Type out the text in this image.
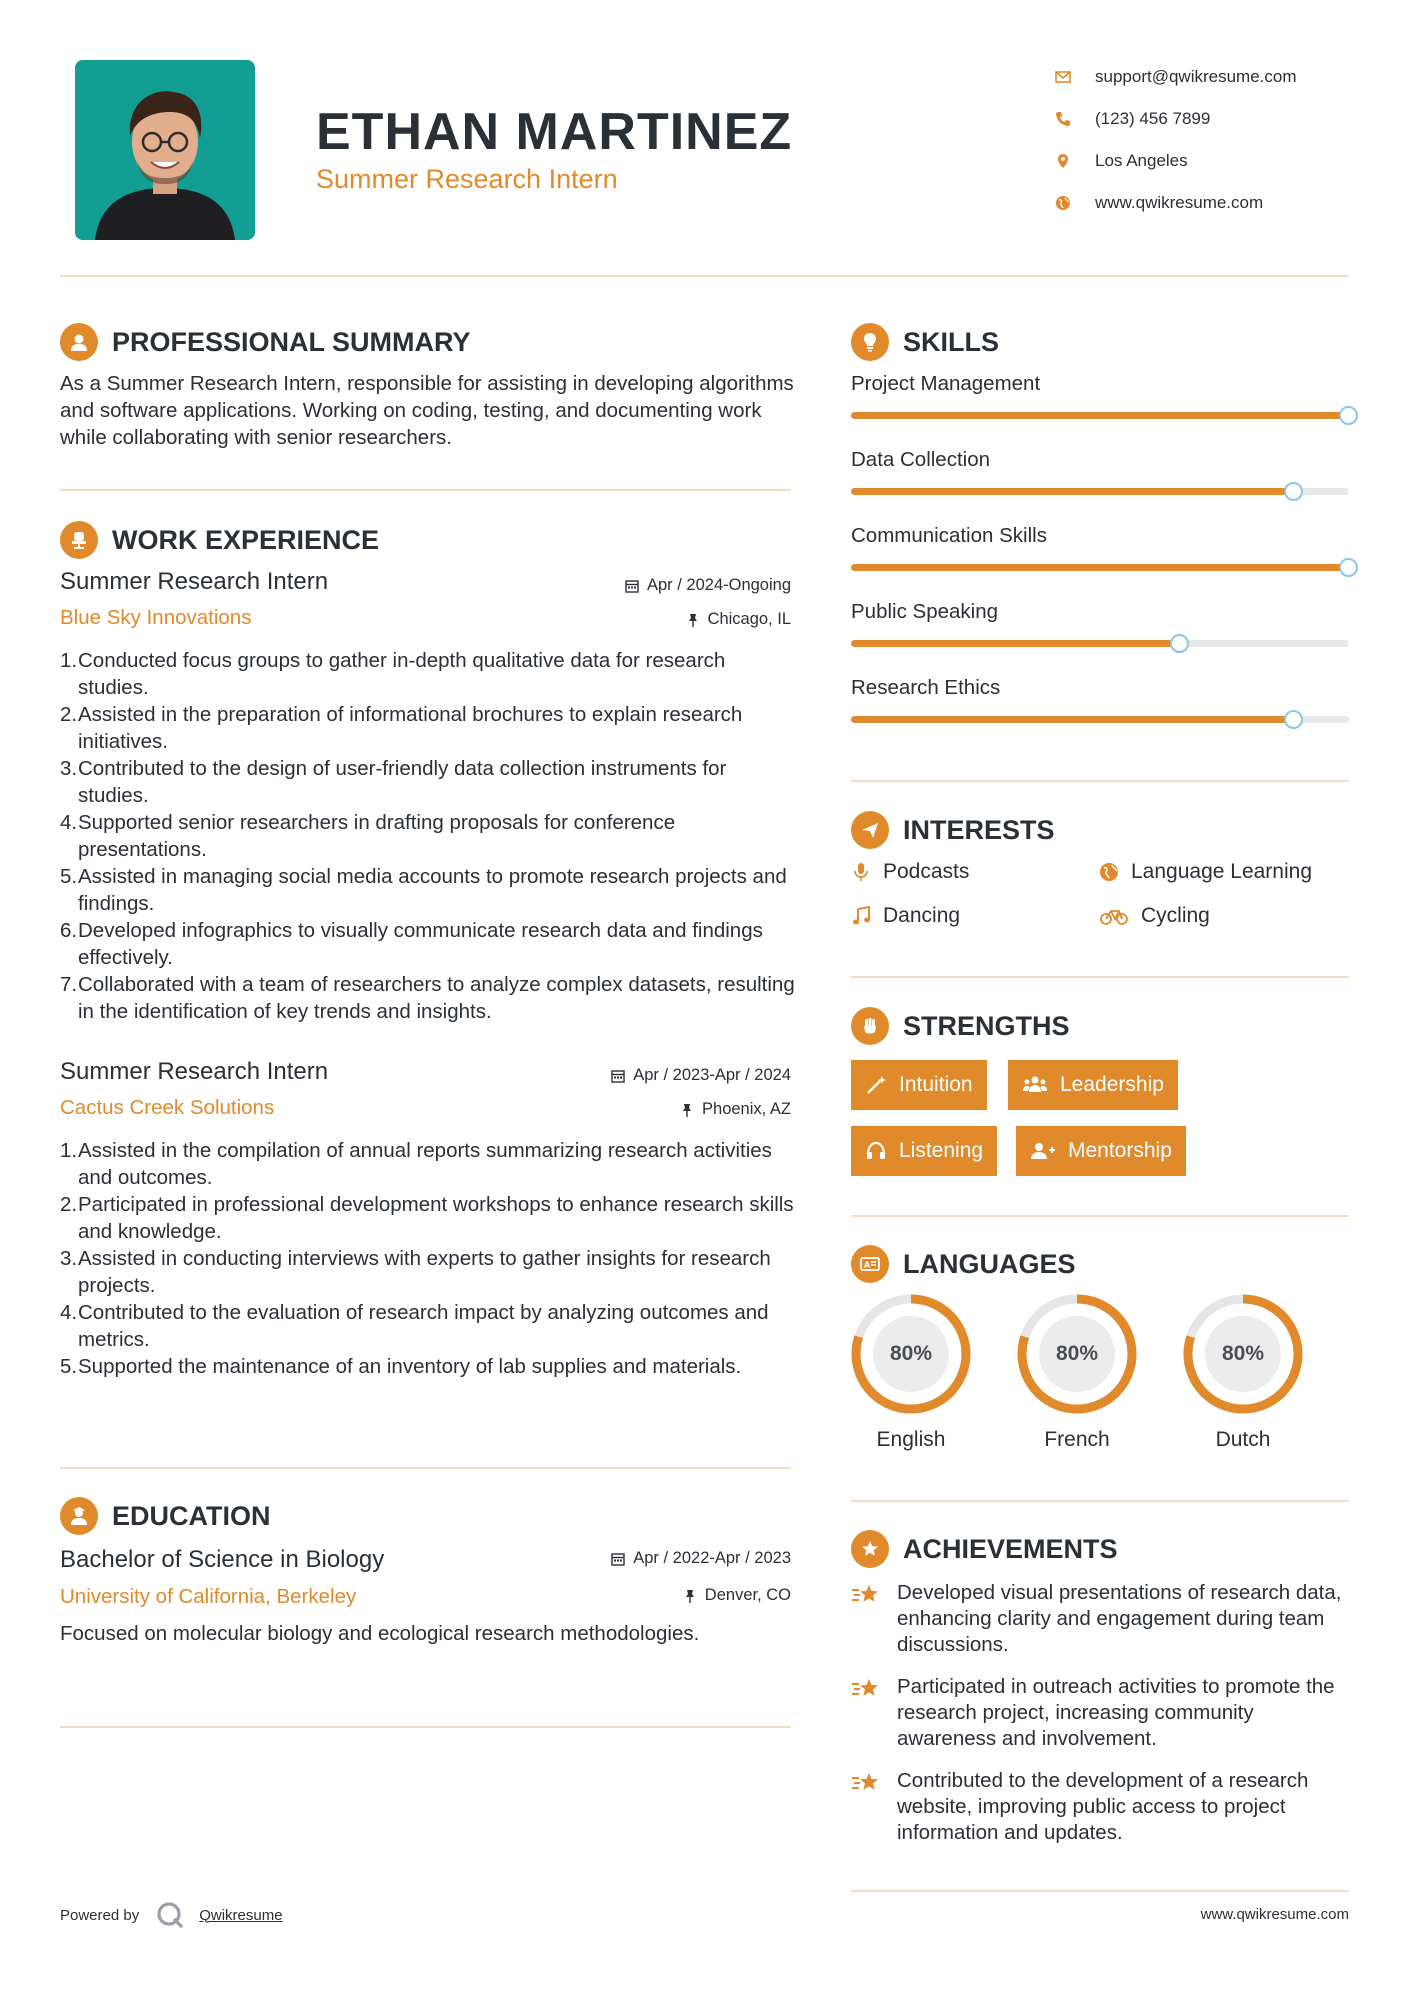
ETHAN MARTINEZ
Summer Research Intern
support@qwikresume.com
(123) 456 7899
Los Angeles
www.qwikresume.com
PROFESSIONAL SUMMARY
As a Summer Research Intern, responsible for assisting in developing algorithms and software applications. Working on coding, testing, and documenting work while collaborating with senior researchers.
WORK EXPERIENCE
Summer Research Intern
Blue Sky Innovations
Apr / 2024-Ongoing
Chicago, IL
1. Conducted focus groups to gather in-depth qualitative data for research studies.
2. Assisted in the preparation of informational brochures to explain research initiatives.
3. Contributed to the design of user-friendly data collection instruments for studies.
4. Supported senior researchers in drafting proposals for conference presentations.
5. Assisted in managing social media accounts to promote research projects and findings.
6. Developed infographics to visually communicate research data and findings effectively.
7. Collaborated with a team of researchers to analyze complex datasets, resulting in the identification of key trends and insights.
Summer Research Intern
Cactus Creek Solutions
Apr / 2023-Apr / 2024
Phoenix, AZ
1. Assisted in the compilation of annual reports summarizing research activities and outcomes.
2. Participated in professional development workshops to enhance research skills and knowledge.
3. Assisted in conducting interviews with experts to gather insights for research projects.
4. Contributed to the evaluation of research impact by analyzing outcomes and metrics.
5. Supported the maintenance of an inventory of lab supplies and materials.
EDUCATION
Bachelor of Science in Biology
University of California, Berkeley
Apr / 2022-Apr / 2023
Denver, CO
Focused on molecular biology and ecological research methodologies.
SKILLS
Project Management
Data Collection
Communication Skills
Public Speaking
Research Ethics
INTERESTS
Podcasts	Language Learning
Dancing	Cycling
STRENGTHS
Intuition	Leadership
Listening	Mentorship
A LANGUAGES
80%
English
80%
French
80%
Dutch
ACHIEVEMENTS
Developed visual presentations of research data, enhancing clarity and engagement during team discussions.
Participated in outreach activities to promote the research project, increasing community awareness and involvement.
Contributed to the development of a research website, improving public access to project information and updates.
Powered by	Qwikresume	www.qwikresume.com
